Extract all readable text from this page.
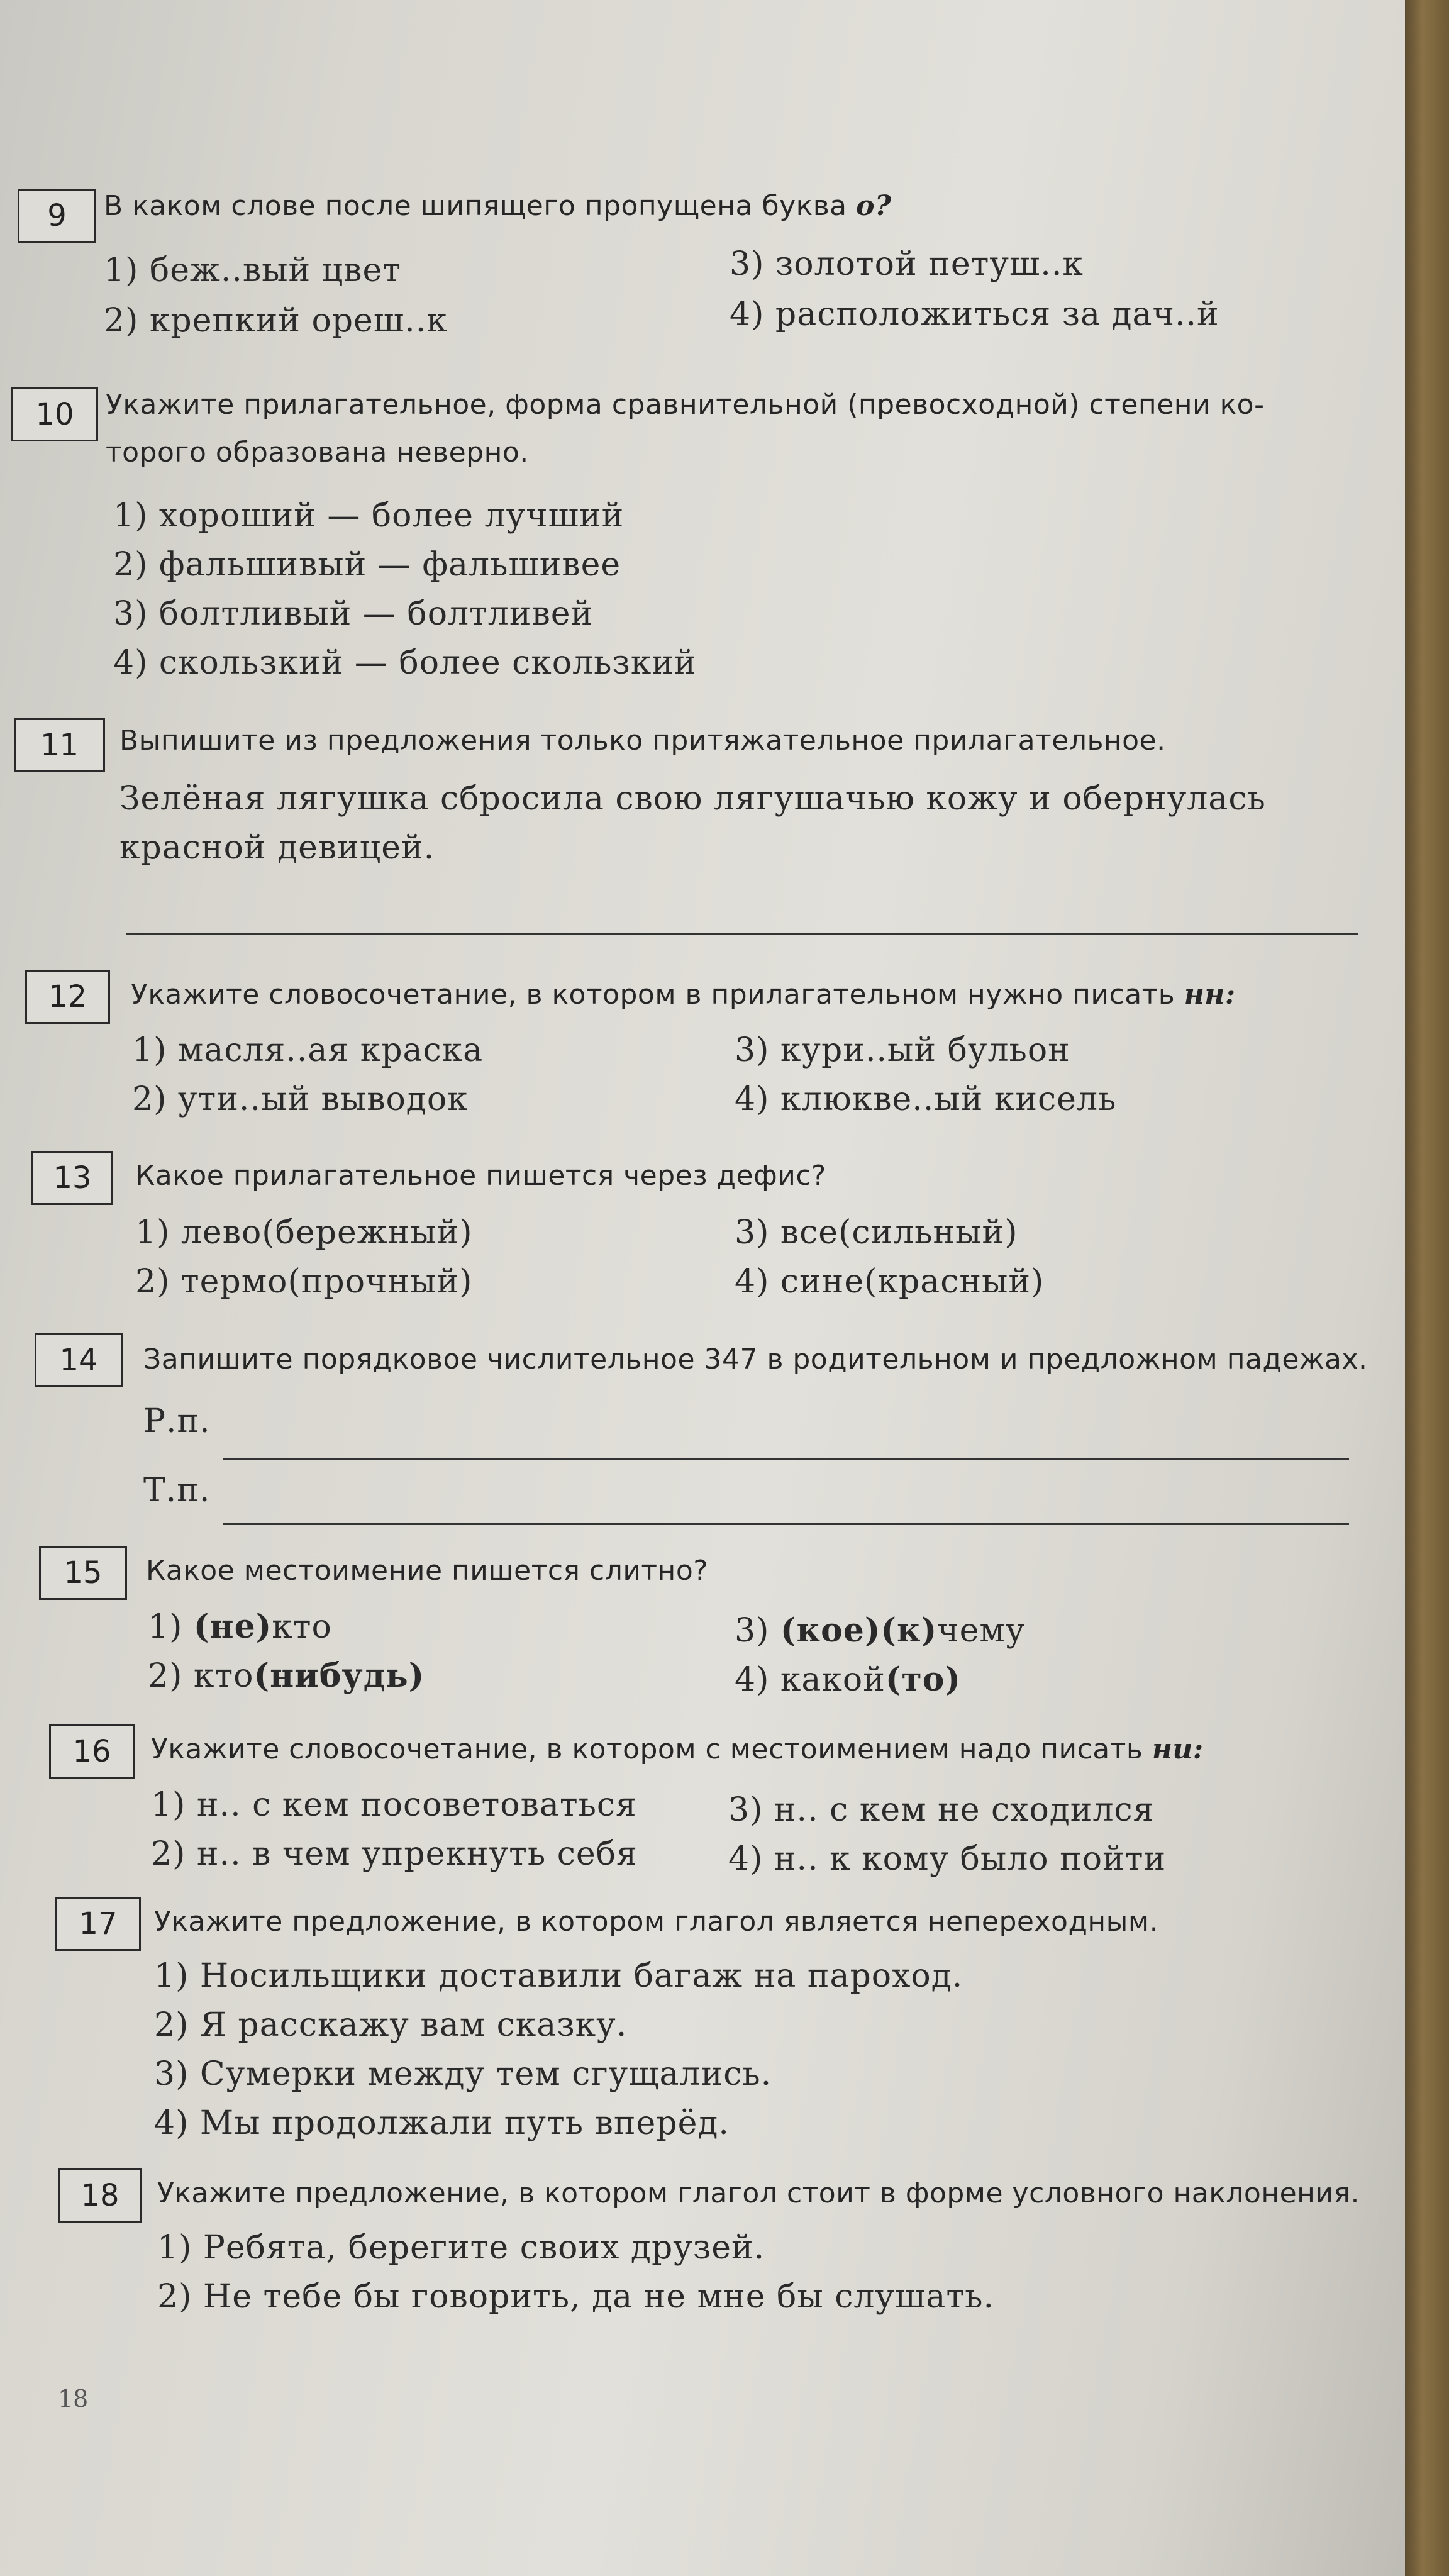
9	В каком слове после шипящего пропущена буква о?
1) беж..вый цвет
2) крепкий ореш..к
3) золотой петуш..к
4) расположиться за дач..й
10	Укажите прилагательное, форма сравнительной (превосходной) степени ко-
торого образована неверно.
1) хороший — более лучший
2) фальшивый — фальшивее
3) болтливый — болтливей
4) скользкий — более скользкий
11	Выпишите из предложения только притяжательное прилагательное.
Зелёная лягушка сбросила свою лягушачью кожу и обернулась
красной девицей.
12	Укажите словосочетание, в котором в прилагательном нужно писать нн:
1) масля..ая краска
2) ути..ый выводок
3) кури..ый бульон
4) клюкве..ый кисель
13	Какое прилагательное пишется через дефис?
1) лево(бережный)
2) термо(прочный)
3) все(сильный)
4) сине(красный)
14	Запишите порядковое числительное 347 в родительном и предложном падежах.
Р.п.
Т.п.
15	Какое местоимение пишется слитно?
1) (не)кто
2) кто(нибудь)
3) (кое)(к)чему
4) какой(то)
16	Укажите словосочетание, в котором с местоимением надо писать ни:
1) н.. с кем посоветоваться
2) н.. в чем упрекнуть себя
3) н.. с кем не сходился
4) н.. к кому было пойти
17	Укажите предложение, в котором глагол является непереходным.
1) Носильщики доставили багаж на пароход.
2) Я расскажу вам сказку.
3) Сумерки между тем сгущались.
4) Мы продолжали путь вперёд.
18	Укажите предложение, в котором глагол стоит в форме условного наклонения.
1) Ребята, берегите своих друзей.
2) Не тебе бы говорить, да не мне бы слушать.
18
